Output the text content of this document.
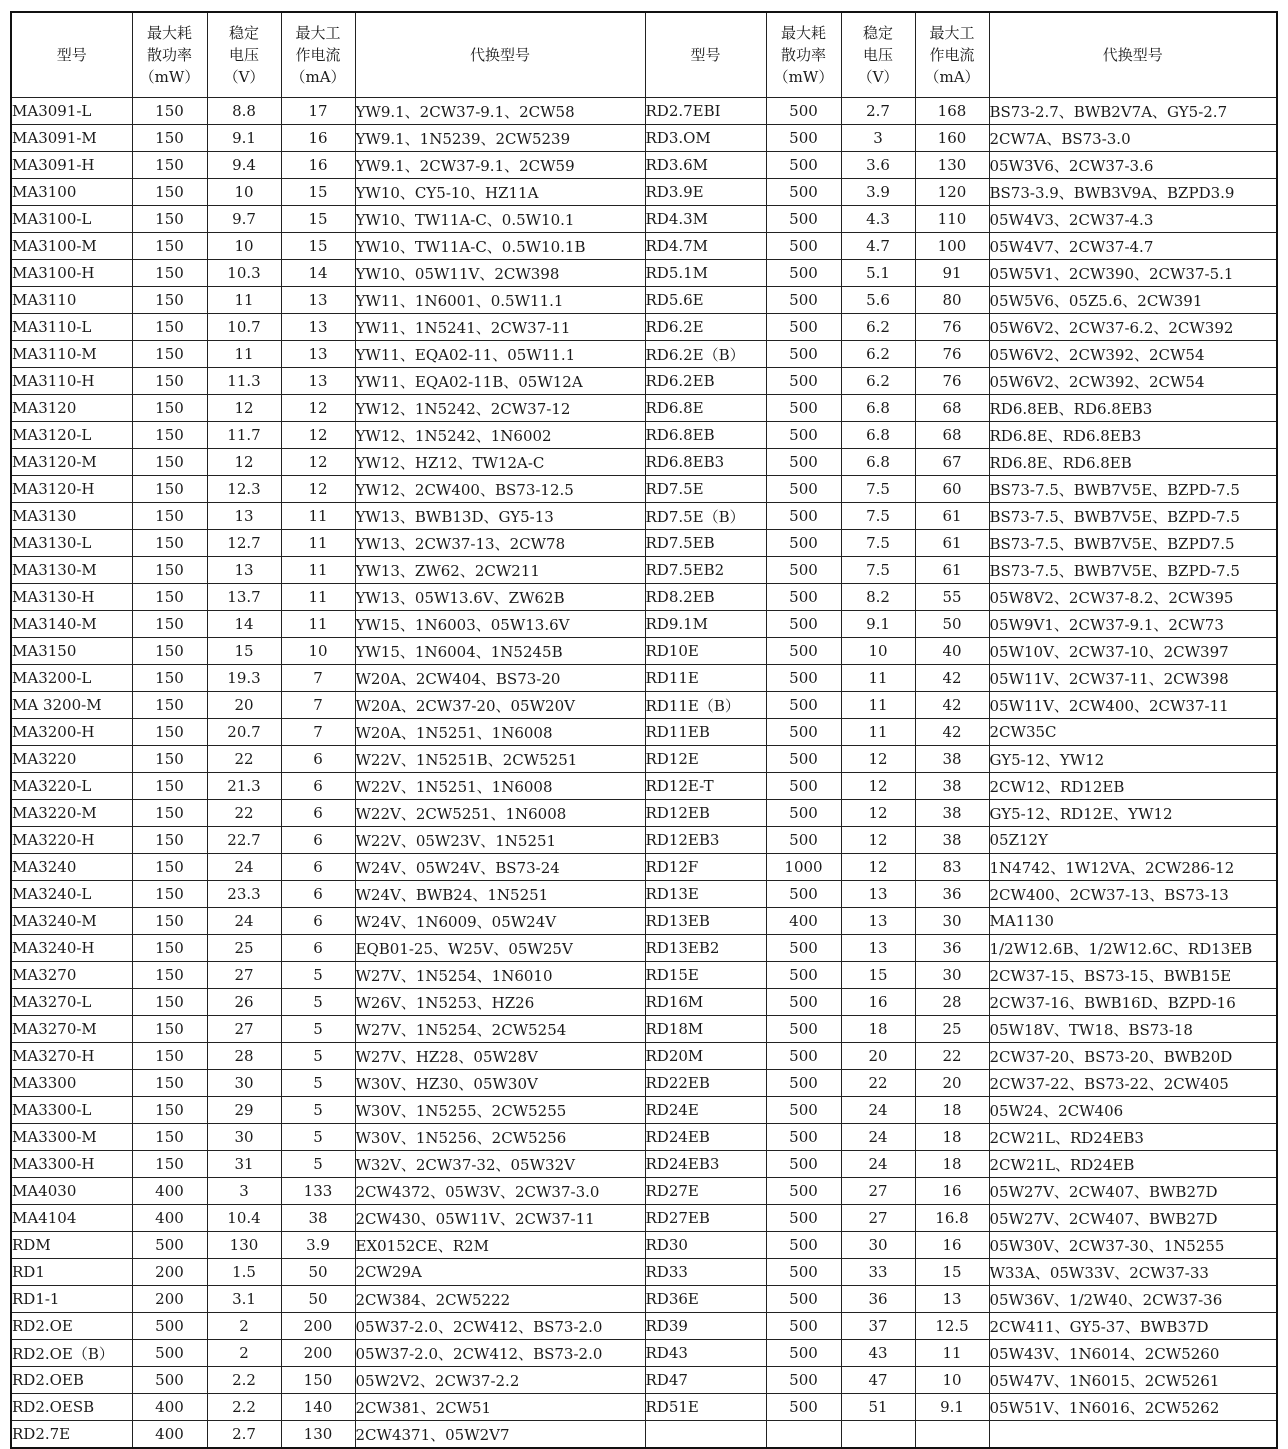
型号	最大耗
散功率
（mW）	稳定
电压
（V）	最大工
作电流
（mA）	代换型号	型号	最大耗
散功率
（mW）	稳定
电压
（V）	最大工
作电流
（mA）	代换型号
MA3091-L	150	8.8	17	YW9.1、2CW37-9.1、2CW58	RD2.7EBI	500	2.7	168	BS73-2.7、BWB2V7A、GY5-2.7
MA3091-M	150	9.1	16	YW9.1、1N5239、2CW5239	RD3.OM	500	3	160	2CW7A、BS73-3.0
MA3091-H	150	9.4	16	YW9.1、2CW37-9.1、2CW59	RD3.6M	500	3.6	130	05W3V6、2CW37-3.6
MA3100	150	10	15	YW10、CY5-10、HZ11A	RD3.9E	500	3.9	120	BS73-3.9、BWB3V9A、BZPD3.9
MA3100-L	150	9.7	15	YW10、TW11A-C、0.5W10.1	RD4.3M	500	4.3	110	05W4V3、2CW37-4.3
MA3100-M	150	10	15	YW10、TW11A-C、0.5W10.1B	RD4.7M	500	4.7	100	05W4V7、2CW37-4.7
MA3100-H	150	10.3	14	YW10、05W11V、2CW398	RD5.1M	500	5.1	91	05W5V1、2CW390、2CW37-5.1
MA3110	150	11	13	YW11、1N6001、0.5W11.1	RD5.6E	500	5.6	80	05W5V6、05Z5.6、2CW391
MA3110-L	150	10.7	13	YW11、1N5241、2CW37-11	RD6.2E	500	6.2	76	05W6V2、2CW37-6.2、2CW392
MA3110-M	150	11	13	YW11、EQA02-11、05W11.1	RD6.2E（B）	500	6.2	76	05W6V2、2CW392、2CW54
MA3110-H	150	11.3	13	YW11、EQA02-11B、05W12A	RD6.2EB	500	6.2	76	05W6V2、2CW392、2CW54
MA3120	150	12	12	YW12、1N5242、2CW37-12	RD6.8E	500	6.8	68	RD6.8EB、RD6.8EB3
MA3120-L	150	11.7	12	YW12、1N5242、1N6002	RD6.8EB	500	6.8	68	RD6.8E、RD6.8EB3
MA3120-M	150	12	12	YW12、HZ12、TW12A-C	RD6.8EB3	500	6.8	67	RD6.8E、RD6.8EB
MA3120-H	150	12.3	12	YW12、2CW400、BS73-12.5	RD7.5E	500	7.5	60	BS73-7.5、BWB7V5E、BZPD-7.5
MA3130	150	13	11	YW13、BWB13D、GY5-13	RD7.5E（B）	500	7.5	61	BS73-7.5、BWB7V5E、BZPD-7.5
MA3130-L	150	12.7	11	YW13、2CW37-13、2CW78	RD7.5EB	500	7.5	61	BS73-7.5、BWB7V5E、BZPD7.5
MA3130-M	150	13	11	YW13、ZW62、2CW211	RD7.5EB2	500	7.5	61	BS73-7.5、BWB7V5E、BZPD-7.5
MA3130-H	150	13.7	11	YW13、05W13.6V、ZW62B	RD8.2EB	500	8.2	55	05W8V2、2CW37-8.2、2CW395
MA3140-M	150	14	11	YW15、1N6003、05W13.6V	RD9.1M	500	9.1	50	05W9V1、2CW37-9.1、2CW73
MA3150	150	15	10	YW15、1N6004、1N5245B	RD10E	500	10	40	05W10V、2CW37-10、2CW397
MA3200-L	150	19.3	7	W20A、2CW404、BS73-20	RD11E	500	11	42	05W11V、2CW37-11、2CW398
MA 3200-M	150	20	7	W20A、2CW37-20、05W20V	RD11E（B）	500	11	42	05W11V、2CW400、2CW37-11
MA3200-H	150	20.7	7	W20A、1N5251、1N6008	RD11EB	500	11	42	2CW35C
MA3220	150	22	6	W22V、1N5251B、2CW5251	RD12E	500	12	38	GY5-12、YW12
MA3220-L	150	21.3	6	W22V、1N5251、1N6008	RD12E-T	500	12	38	2CW12、RD12EB
MA3220-M	150	22	6	W22V、2CW5251、1N6008	RD12EB	500	12	38	GY5-12、RD12E、YW12
MA3220-H	150	22.7	6	W22V、05W23V、1N5251	RD12EB3	500	12	38	05Z12Y
MA3240	150	24	6	W24V、05W24V、BS73-24	RD12F	1000	12	83	1N4742、1W12VA、2CW286-12
MA3240-L	150	23.3	6	W24V、BWB24、1N5251	RD13E	500	13	36	2CW400、2CW37-13、BS73-13
MA3240-M	150	24	6	W24V、1N6009、05W24V	RD13EB	400	13	30	MA1130
MA3240-H	150	25	6	EQB01-25、W25V、05W25V	RD13EB2	500	13	36	1/2W12.6B、1/2W12.6C、RD13EB
MA3270	150	27	5	W27V、1N5254、1N6010	RD15E	500	15	30	2CW37-15、BS73-15、BWB15E
MA3270-L	150	26	5	W26V、1N5253、HZ26	RD16M	500	16	28	2CW37-16、BWB16D、BZPD-16
MA3270-M	150	27	5	W27V、1N5254、2CW5254	RD18M	500	18	25	05W18V、TW18、BS73-18
MA3270-H	150	28	5	W27V、HZ28、05W28V	RD20M	500	20	22	2CW37-20、BS73-20、BWB20D
MA3300	150	30	5	W30V、HZ30、05W30V	RD22EB	500	22	20	2CW37-22、BS73-22、2CW405
MA3300-L	150	29	5	W30V、1N5255、2CW5255	RD24E	500	24	18	05W24、2CW406
MA3300-M	150	30	5	W30V、1N5256、2CW5256	RD24EB	500	24	18	2CW21L、RD24EB3
MA3300-H	150	31	5	W32V、2CW37-32、05W32V	RD24EB3	500	24	18	2CW21L、RD24EB
MA4030	400	3	133	2CW4372、05W3V、2CW37-3.0	RD27E	500	27	16	05W27V、2CW407、BWB27D
MA4104	400	10.4	38	2CW430、05W11V、2CW37-11	RD27EB	500	27	16.8	05W27V、2CW407、BWB27D
RDM	500	130	3.9	EX0152CE、R2M	RD30	500	30	16	05W30V、2CW37-30、1N5255
RD1	200	1.5	50	2CW29A	RD33	500	33	15	W33A、05W33V、2CW37-33
RD1-1	200	3.1	50	2CW384、2CW5222	RD36E	500	36	13	05W36V、1/2W40、2CW37-36
RD2.OE	500	2	200	05W37-2.0、2CW412、BS73-2.0	RD39	500	37	12.5	2CW411、GY5-37、BWB37D
RD2.OE（B）	500	2	200	05W37-2.0、2CW412、BS73-2.0	RD43	500	43	11	05W43V、1N6014、2CW5260
RD2.OEB	500	2.2	150	05W2V2、2CW37-2.2	RD47	500	47	10	05W47V、1N6015、2CW5261
RD2.OESB	400	2.2	140	2CW381、2CW51	RD51E	500	51	9.1	05W51V、1N6016、2CW5262
RD2.7E	400	2.7	130	2CW4371、05W2V7					
